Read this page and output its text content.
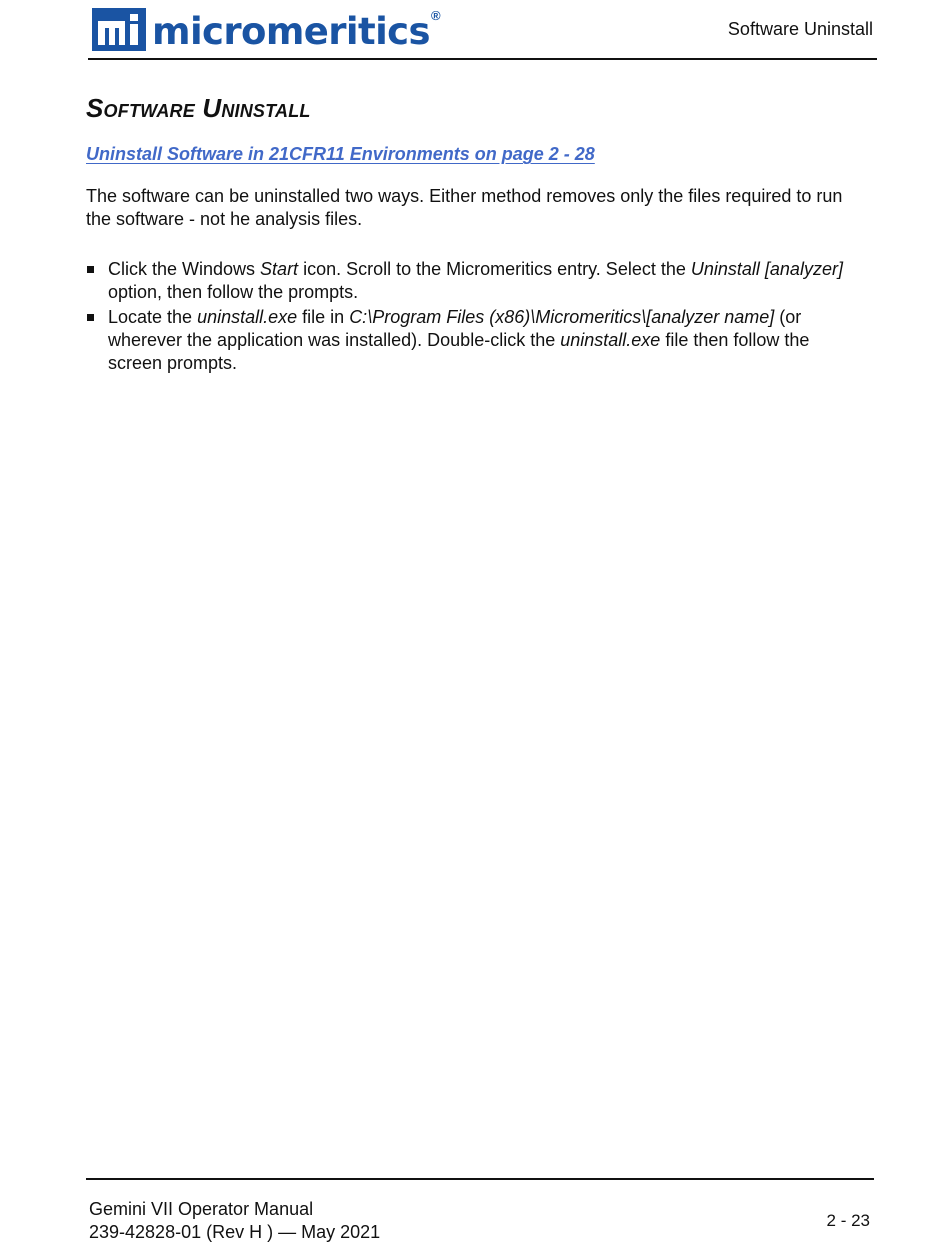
micromeritics ®
Software Uninstall
Software Uninstall
Uninstall Software in 21CFR11 Environments on page 2 - 28

The software can be uninstalled two ways. Either method removes only the files required to run the software - not he analysis files.

Click the Windows Start icon. Scroll to the Micromeritics entry. Select the Uninstall [analyzer] option, then follow the prompts.
Locate the uninstall.exe file in C:\Program Files (x86)\Micromeritics\[analyzer name] (or wherever the application was installed). Double-click the uninstall.exe file then follow the screen prompts.
Gemini VII Operator Manual
239-42828-01 (Rev H ) — May 2021
2 - 23
